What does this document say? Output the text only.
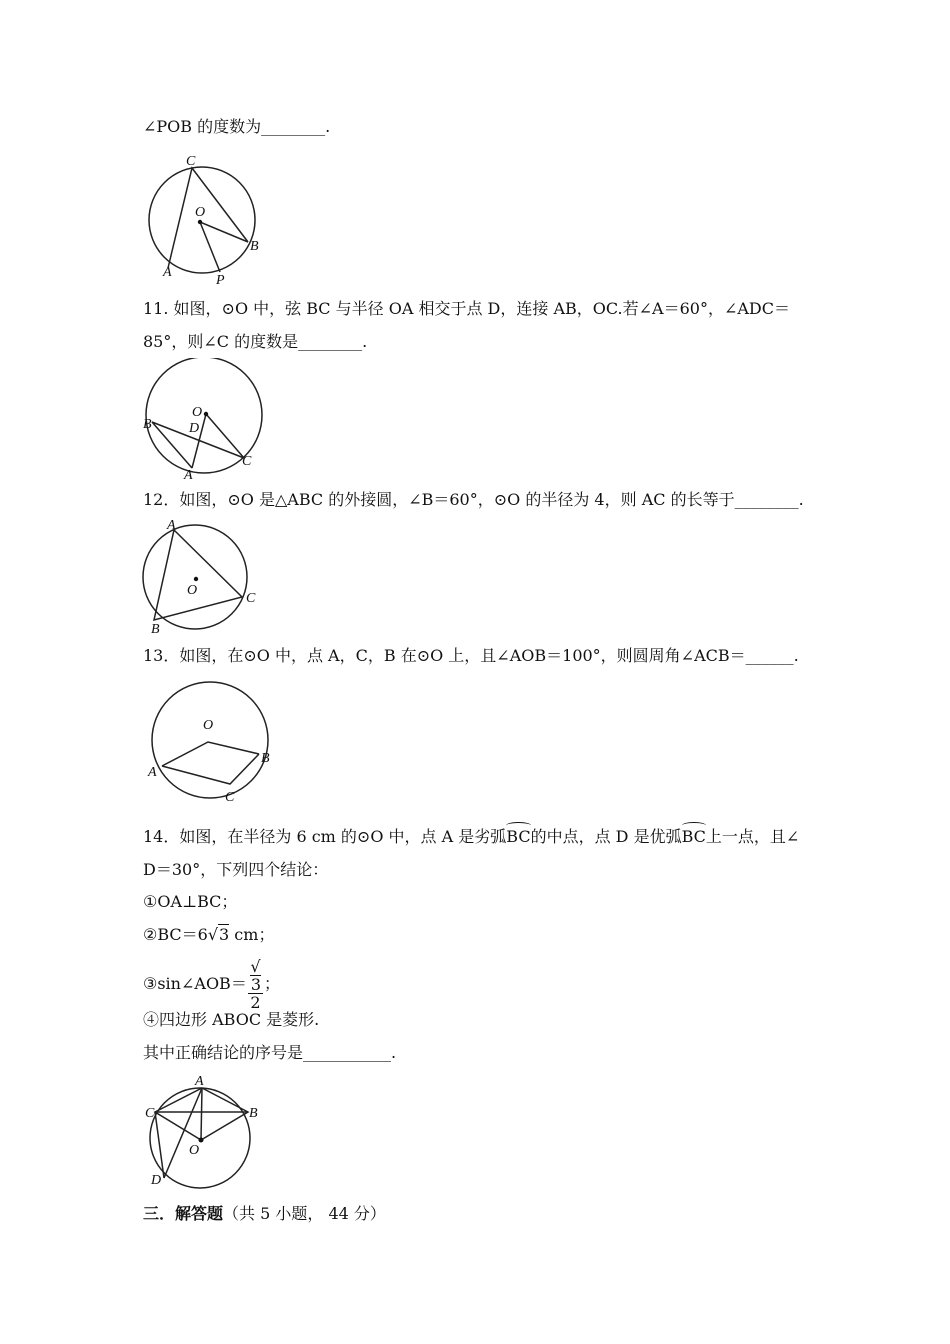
∠POB 的度数为________.
C
O
B
A
P
11. 如图，⊙O 中，弦 BC 与半径 OA 相交于点 D，连接 AB，OC.若∠A＝60°，∠ADC＝
85°，则∠C 的度数是________.
O
D
B
A
C
12．如图，⊙O 是△ABC 的外接圆，∠B＝60°，⊙O 的半径为 4，则 AC 的长等于________.
A
O
C
B
13．如图，在⊙O 中，点 A，C，B 在⊙O 上，且∠AOB＝100°，则圆周角∠ACB＝______.
O
A
B
C
14．如图，在半径为 6 cm 的⊙O 中，点 A 是劣弧BC的中点，点 D 是优弧BC上一点，且∠
D＝30°，下列四个结论：
①OA⊥BC；
②BC＝6√3 cm；
③sin∠AOB＝ √
3
2 ；
④四边形 ABOC 是菱形.
其中正确结论的序号是___________.
A
C	B
O
D
三．解答题（共 5 小题， 44 分）
